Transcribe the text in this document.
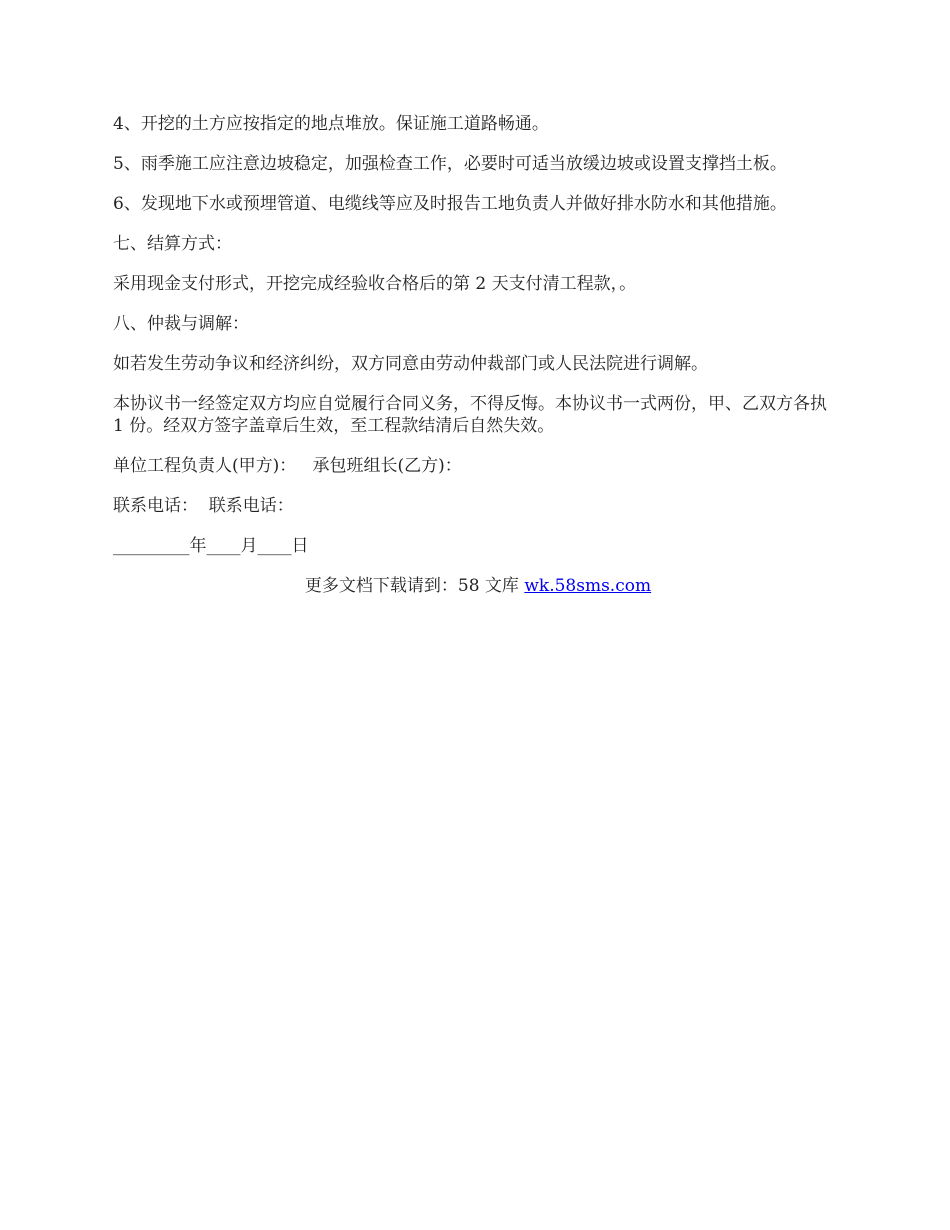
4、开挖的土方应按指定的地点堆放。保证施工道路畅通。

5、雨季施工应注意边坡稳定，加强检查工作，必要时可适当放缓边坡或设置支撑挡土板。

6、发现地下水或预埋管道、电缆线等应及时报告工地负责人并做好排水防水和其他措施。

七、结算方式：

采用现金支付形式，开挖完成经验收合格后的第 2 天支付清工程款，。

八、仲裁与调解：

如若发生劳动争议和经济纠纷，双方同意由劳动仲裁部门或人民法院进行调解。

本协议书一经签定双方均应自觉履行合同义务，不得反悔。本协议书一式两份，甲、乙双方各执 1 份。经双方签字盖章后生效，至工程款结清后自然失效。

单位工程负责人(甲方)：   承包班组长(乙方)：

联系电话：  联系电话：

_________年____月____日

更多文档下载请到：58 文库 wk.58sms.com
